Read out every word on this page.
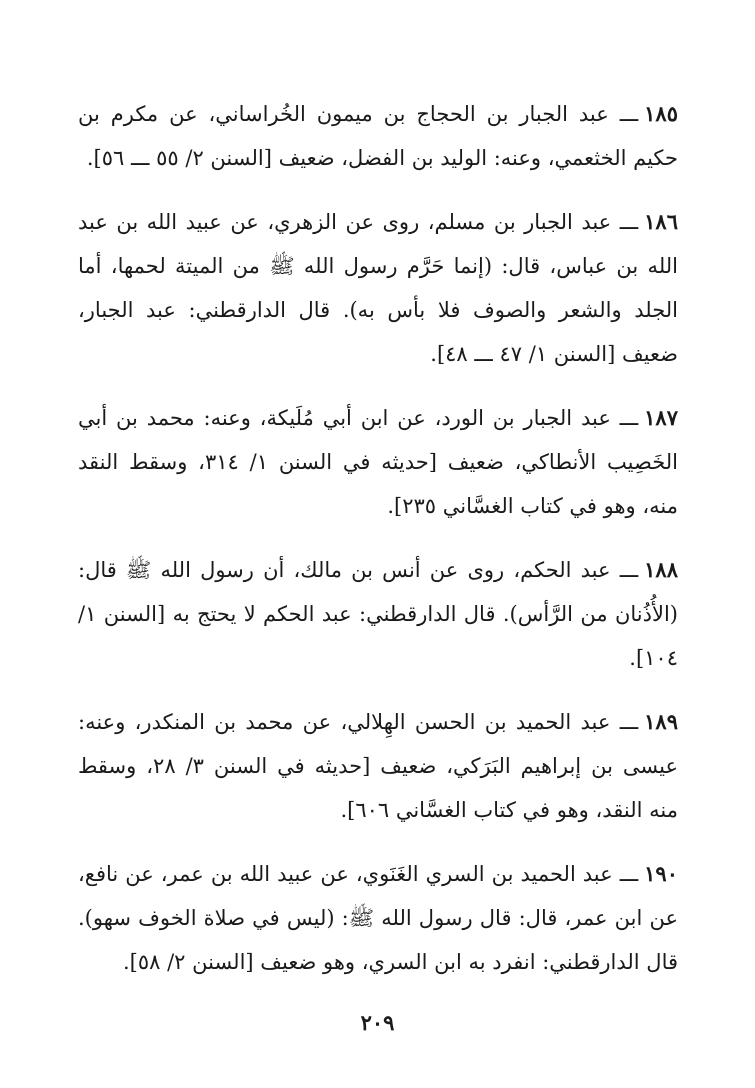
١٨٥ـــ عبد الجبار بن الحجاج بن ميمون الخُراساني، عن مكرم بن حكيم الخثعمي، وعنه: الوليد بن الفضل، ضعيف [السنن ٢/ ٥٥ ـــ ٥٦].

١٨٦ـــ عبد الجبار بن مسلم، روى عن الزهري، عن عبيد الله بن عبد الله بن عباس، قال: (إنما حَرَّم رسول الله ﷺ من الميتة لحمها، أما الجلد والشعر والصوف فلا بأس به). قال الدارقطني: عبد الجبار، ضعيف [السنن ١/ ٤٧ ـــ ٤٨].

١٨٧ـــ عبد الجبار بن الورد، عن ابن أبي مُلَيكة، وعنه: محمد بن أبي الخَصِيب الأنطاكي، ضعيف [حديثه في السنن ١/ ٣١٤، وسقط النقد منه، وهو في كتاب الغسَّاني ٢٣٥].

١٨٨ـــ عبد الحكم، روى عن أنس بن مالك، أن رسول الله ﷺ قال: (الأُذُنان من الرَّأس). قال الدارقطني: عبد الحكم لا يحتج به [السنن ١/ ١٠٤].

١٨٩ـــ عبد الحميد بن الحسن الهِلالي، عن محمد بن المنكدر، وعنه: عيسى بن إبراهيم البَرَكي، ضعيف [حديثه في السنن ٣/ ٢٨، وسقط منه النقد، وهو في كتاب الغسَّاني ٦٠٦].

١٩٠ـــ عبد الحميد بن السري الغَنَوي، عن عبيد الله بن عمر، عن نافع، عن ابن عمر، قال: قال رسول الله ﷺ: (ليس في صلاة الخوف سهو). قال الدارقطني: انفرد به ابن السري، وهو ضعيف [السنن ٢/ ٥٨].

٢٠٩
